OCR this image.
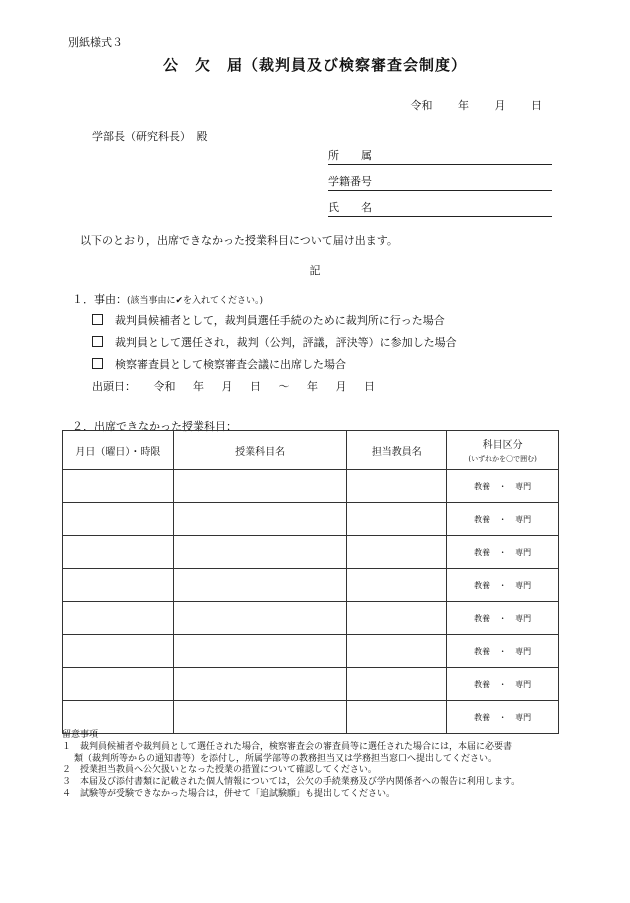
別紙様式３
公　欠　届（裁判員及び検察審査会制度）
令和 年 月 日
学部長（研究科長）　殿
所　　属
学籍番号
氏　　名
以下のとおり，出席できなかった授業科目について届け出ます。
記
１．事由：(該当事由に✔を入れてください。)
裁判員候補者として，裁判員選任手続のために裁判所に行った場合
裁判員として選任され，裁判（公判，評議，評決等）に参加した場合
検察審査員として検察審査会議に出席した場合
出頭日： 令和 年 月 日 ～ 年 月 日
２．出席できなかった授業科目：
月日（曜日）・時限	授業科目名	担当教員名	科目区分
(いずれかを〇で囲む)

			教養 ・ 専門
			教養 ・ 専門
			教養 ・ 専門
			教養 ・ 専門
			教養 ・ 専門
			教養 ・ 専門
			教養 ・ 専門
			教養 ・ 専門
留意事項
１　裁判員候補者や裁判員として選任された場合，検察審査会の審査員等に選任された場合には，本届に必要書
類（裁判所等からの通知書等）を添付し，所属学部等の教務担当又は学務担当窓口へ提出してください。
２　授業担当教員へ公欠扱いとなった授業の措置について確認してください。
３　本届及び添付書類に記載された個人情報については，公欠の手続業務及び学内関係者への報告に利用します。
４　試験等が受験できなかった場合は，併せて「追試験願」も提出してください。
